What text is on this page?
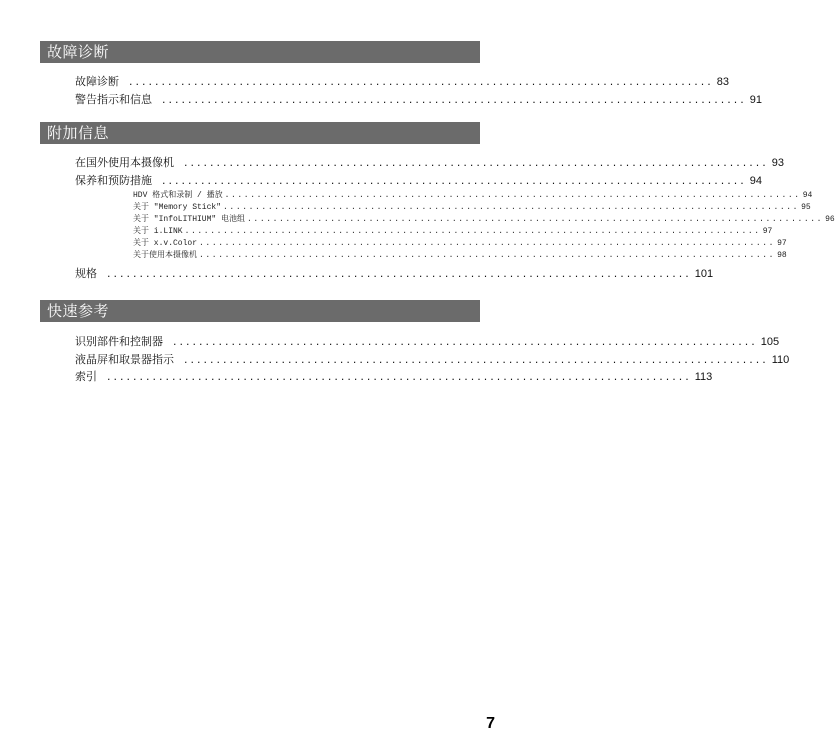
故障诊断
故障诊断 .......................................................................................... 83
警告指示和信息 .......................................................................................... 91
附加信息
在国外使用本摄像机 .......................................................................................... 93
保养和预防措施 .......................................................................................... 94
HDV 格式和录制 / 播放 .......................................................................................... 94
关于 "Memory Stick" .......................................................................................... 95
关于 "InfoLITHIUM" 电池组 .......................................................................................... 96
关于 i.LINK .......................................................................................... 97
关于 x.v.Color .......................................................................................... 97
关于使用本摄像机 .......................................................................................... 98
规格 .......................................................................................... 101
快速参考
识别部件和控制器 .......................................................................................... 105
液晶屏和取景器指示 .......................................................................................... 110
索引 .......................................................................................... 113
7
